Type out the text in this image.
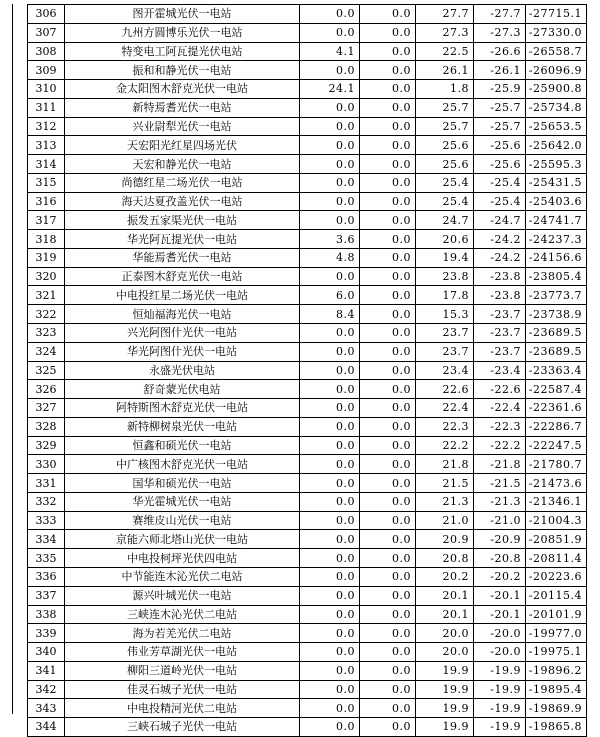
306	图开霍城光伏一电站	0.0	0.0	27.7	-27.7	-27715.1
307	九州方圆博乐光伏一电站	0.0	0.0	27.3	-27.3	-27330.0
308	特变电工阿瓦提光伏电站	4.1	0.0	22.5	-26.6	-26558.7
309	振和和静光伏一电站	0.0	0.0	26.1	-26.1	-26096.9
310	金太阳图木舒克光伏一电站	24.1	0.0	1.8	-25.9	-25900.8
311	新特焉耆光伏一电站	0.0	0.0	25.7	-25.7	-25734.8
312	兴业尉犁光伏一电站	0.0	0.0	25.7	-25.7	-25653.5
313	天宏阳光红星四场光伏	0.0	0.0	25.6	-25.6	-25642.0
314	天宏和静光伏一电站	0.0	0.0	25.6	-25.6	-25595.3
315	尚德红星二场光伏一电站	0.0	0.0	25.4	-25.4	-25431.5
316	海天达夏孜盖光伏一电站	0.0	0.0	25.4	-25.4	-25403.6
317	振发五家渠光伏一电站	0.0	0.0	24.7	-24.7	-24741.7
318	华光阿瓦提光伏一电站	3.6	0.0	20.6	-24.2	-24237.3
319	华能焉耆光伏一电站	4.8	0.0	19.4	-24.2	-24156.6
320	正泰图木舒克光伏一电站	0.0	0.0	23.8	-23.8	-23805.4
321	中电投红星二场光伏一电站	6.0	0.0	17.8	-23.8	-23773.7
322	恒灿福海光伏一电站	8.4	0.0	15.3	-23.7	-23738.9
323	兴光阿图什光伏一电站	0.0	0.0	23.7	-23.7	-23689.5
324	华光阿图什光伏一电站	0.0	0.0	23.7	-23.7	-23689.5
325	永盛光伏电站	0.0	0.0	23.4	-23.4	-23363.4
326	舒奇蒙光伏电站	0.0	0.0	22.6	-22.6	-22587.4
327	阿特斯图木舒克光伏一电站	0.0	0.0	22.4	-22.4	-22361.6
328	新特柳树泉光伏一电站	0.0	0.0	22.3	-22.3	-22286.7
329	恒鑫和硕光伏一电站	0.0	0.0	22.2	-22.2	-22247.5
330	中广核图木舒克光伏一电站	0.0	0.0	21.8	-21.8	-21780.7
331	国华和硕光伏一电站	0.0	0.0	21.5	-21.5	-21473.6
332	华光霍城光伏一电站	0.0	0.0	21.3	-21.3	-21346.1
333	赛维皮山光伏一电站	0.0	0.0	21.0	-21.0	-21004.3
334	京能六师北塔山光伏一电站	0.0	0.0	20.9	-20.9	-20851.9
335	中电投柯坪光伏四电站	0.0	0.0	20.8	-20.8	-20811.4
336	中节能连木沁光伏二电站	0.0	0.0	20.2	-20.2	-20223.6
337	源兴叶城光伏一电站	0.0	0.0	20.1	-20.1	-20115.4
338	三峡连木沁光伏二电站	0.0	0.0	20.1	-20.1	-20101.9
339	海为若羌光伏二电站	0.0	0.0	20.0	-20.0	-19977.0
340	伟业芳草湖光伏一电站	0.0	0.0	20.0	-20.0	-19975.1
341	柳阳三道岭光伏一电站	0.0	0.0	19.9	-19.9	-19896.2
342	佳灵石城子光伏一电站	0.0	0.0	19.9	-19.9	-19895.4
343	中电投精河光伏二电站	0.0	0.0	19.9	-19.9	-19869.9
344	三峡石城子光伏一电站	0.0	0.0	19.9	-19.9	-19865.8
